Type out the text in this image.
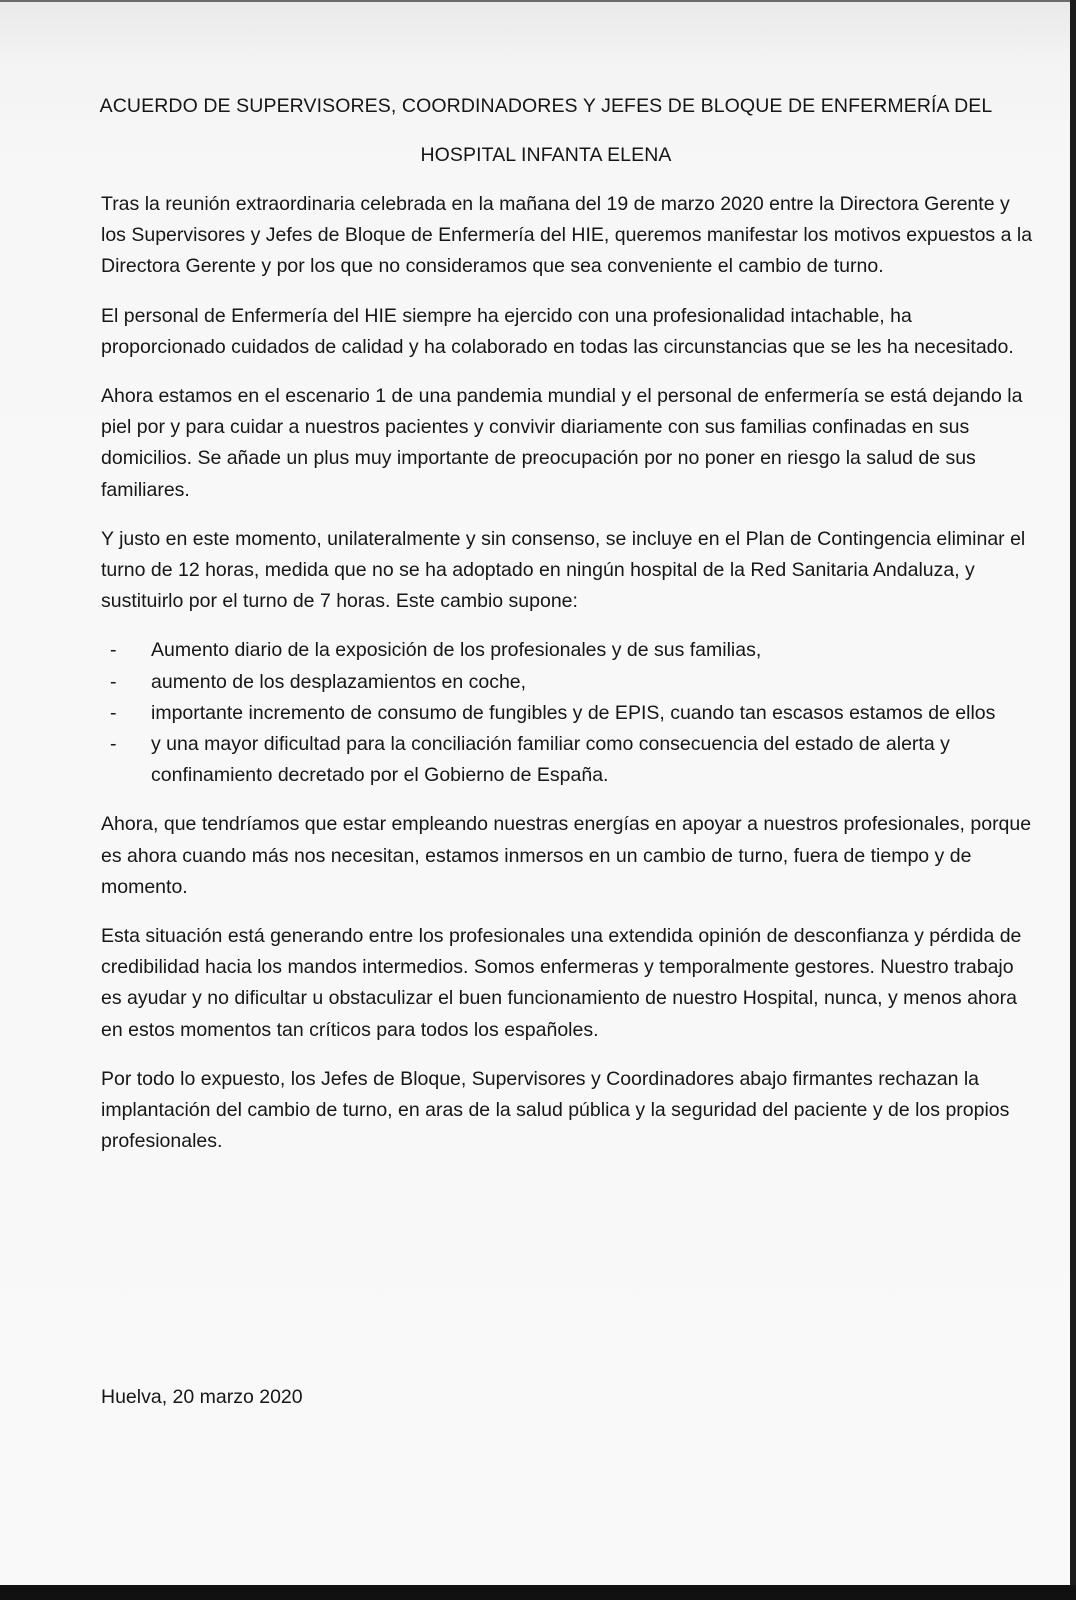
ACUERDO DE SUPERVISORES, COORDINADORES Y JEFES DE BLOQUE DE ENFERMERÍA DEL
HOSPITAL INFANTA ELENA

Tras la reunión extraordinaria celebrada en la mañana del 19 de marzo 2020 entre la Directora Gerente y los Supervisores y Jefes de Bloque de Enfermería del HIE, queremos manifestar los motivos expuestos a la Directora Gerente y por los que no consideramos que sea conveniente el cambio de turno.

El personal de Enfermería del HIE siempre ha ejercido con una profesionalidad intachable, ha proporcionado cuidados de calidad y ha colaborado en todas las circunstancias que se les ha necesitado.

Ahora estamos en el escenario 1 de una pandemia mundial y el personal de enfermería se está dejando la piel por y para cuidar a nuestros pacientes y convivir diariamente con sus familias confinadas en sus domicilios. Se añade un plus muy importante de preocupación por no poner en riesgo la salud de sus familiares.

Y justo en este momento, unilateralmente y sin consenso, se incluye en el Plan de Contingencia eliminar el turno de 12 horas, medida que no se ha adoptado en ningún hospital de la Red Sanitaria Andaluza, y sustituirlo por el turno de 7 horas. Este cambio supone:

- Aumento diario de la exposición de los profesionales y de sus familias,
- aumento de los desplazamientos en coche,
- importante incremento de consumo de fungibles y de EPIS, cuando tan escasos estamos de ellos
- y una mayor dificultad para la conciliación familiar como consecuencia del estado de alerta y confinamiento decretado por el Gobierno de España.

Ahora, que tendríamos que estar empleando nuestras energías en apoyar a nuestros profesionales, porque es ahora cuando más nos necesitan, estamos inmersos en un cambio de turno, fuera de tiempo y de momento.

Esta situación está generando entre los profesionales una extendida opinión de desconfianza y pérdida de credibilidad hacia los mandos intermedios. Somos enfermeras y temporalmente gestores. Nuestro trabajo es ayudar y no dificultar u obstaculizar el buen funcionamiento de nuestro Hospital, nunca, y menos ahora en estos momentos tan críticos para todos los españoles.

Por todo lo expuesto, los Jefes de Bloque, Supervisores y Coordinadores abajo firmantes rechazan la implantación del cambio de turno, en aras de la salud pública y la seguridad del paciente y de los propios profesionales.

Huelva, 20 marzo 2020
